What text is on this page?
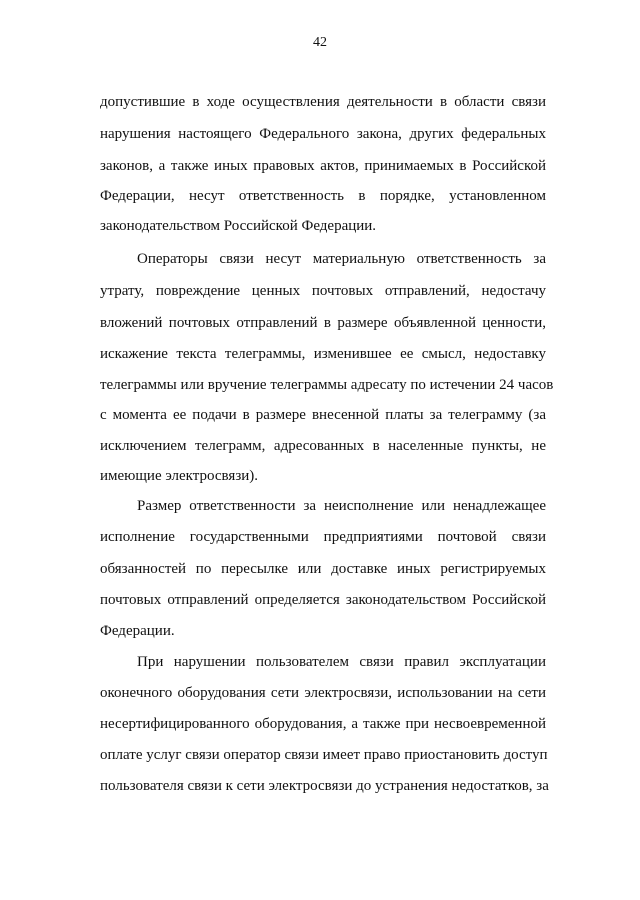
42
допустившие в ходе осуществления деятельности в области связи
нарушения настоящего Федерального закона, других федеральных
законов, а также иных правовых актов, принимаемых в Российской
Федерации, несут ответственность в порядке, установленном
законодательством Российской Федерации.
Операторы связи несут материальную ответственность за
утрату, повреждение ценных почтовых отправлений, недостачу
вложений почтовых отправлений в размере объявленной ценности,
искажение текста телеграммы, изменившее ее смысл, недоставку
телеграммы или вручение телеграммы адресату по истечении 24 часов
с момента ее подачи в размере внесенной платы за телеграмму (за
исключением телеграмм, адресованных в населенные пункты, не
имеющие электросвязи).
Размер ответственности за неисполнение или ненадлежащее
исполнение государственными предприятиями почтовой связи
обязанностей по пересылке или доставке иных регистрируемых
почтовых отправлений определяется законодательством Российской
Федерации.
При нарушении пользователем связи правил эксплуатации
оконечного оборудования сети электросвязи, использовании на сети
несертифицированного оборудования, а также при несвоевременной
оплате услуг связи оператор связи имеет право приостановить доступ
пользователя связи к сети электросвязи до устранения недостатков, за
